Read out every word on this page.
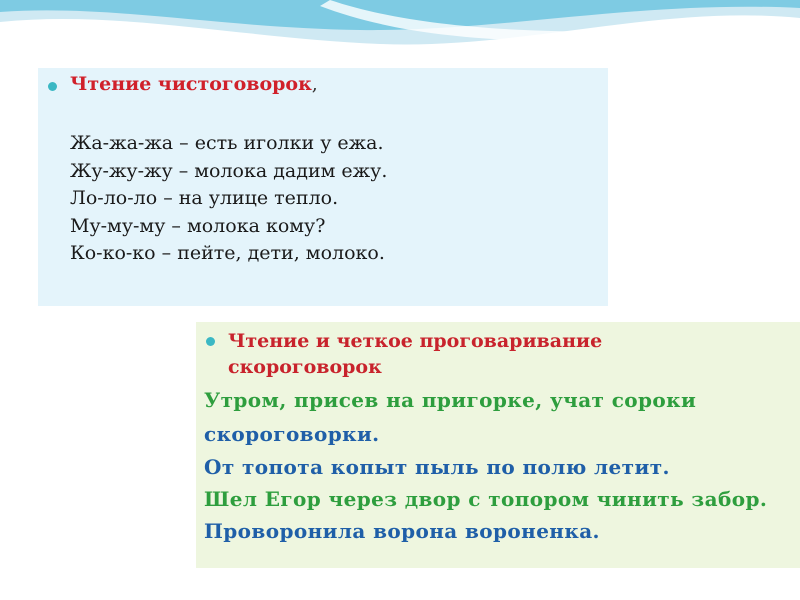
Чтение чистоговорок,

Жа-жа-жа – есть иголки у ежа.
Жу-жу-жу – молока дадим ежу.
Ло-ло-ло – на улице тепло.
Му-му-му – молока кому?
Ко-ко-ко – пейте, дети, молоко.

Чтение и четкое проговаривание
скороговорок

Утром, присев на пригорке, учат сороки

скороговорки.

От топота копыт пыль по полю летит.

Шел Егор через двор с топором чинить забор.

Проворонила ворона вороненка.
